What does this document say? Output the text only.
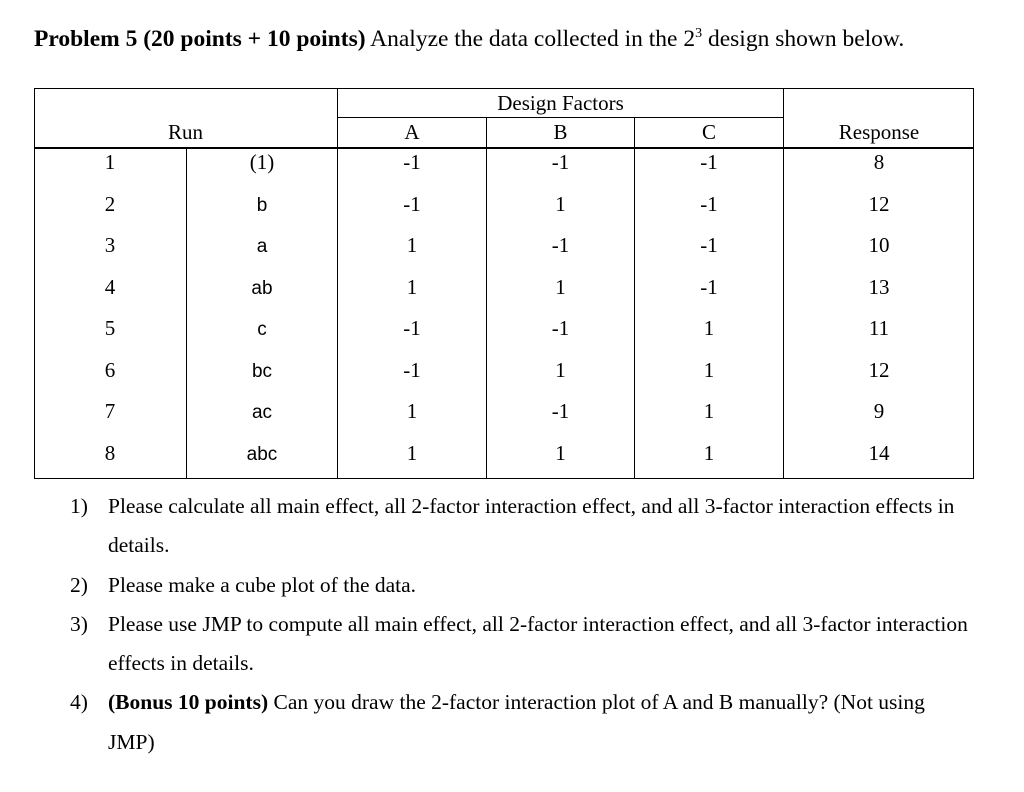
Problem 5 (20 points + 10 points) Analyze the data collected in the $2^3$ design shown below.
Design Factors
Run	A	B	C	Response
1	(1)	-1	-1	-1	8
2	b	-1	1	-1	12
3	a	1	-1	-1	10
4	ab	1	1	-1	13
5	c	-1	-1	1	11
6	bc	-1	1	1	12
7	ac	1	-1	1	9
8	abc	1	1	1	14
1) Please calculate all main effect, all 2-factor interaction effect, and all 3-factor interaction effects in details.
2) Please make a cube plot of the data.
3) Please use JMP to compute all main effect, all 2-factor interaction effect, and all 3-factor interaction effects in details.
4) (Bonus 10 points) Can you draw the 2-factor interaction plot of A and B manually? (Not using JMP)
